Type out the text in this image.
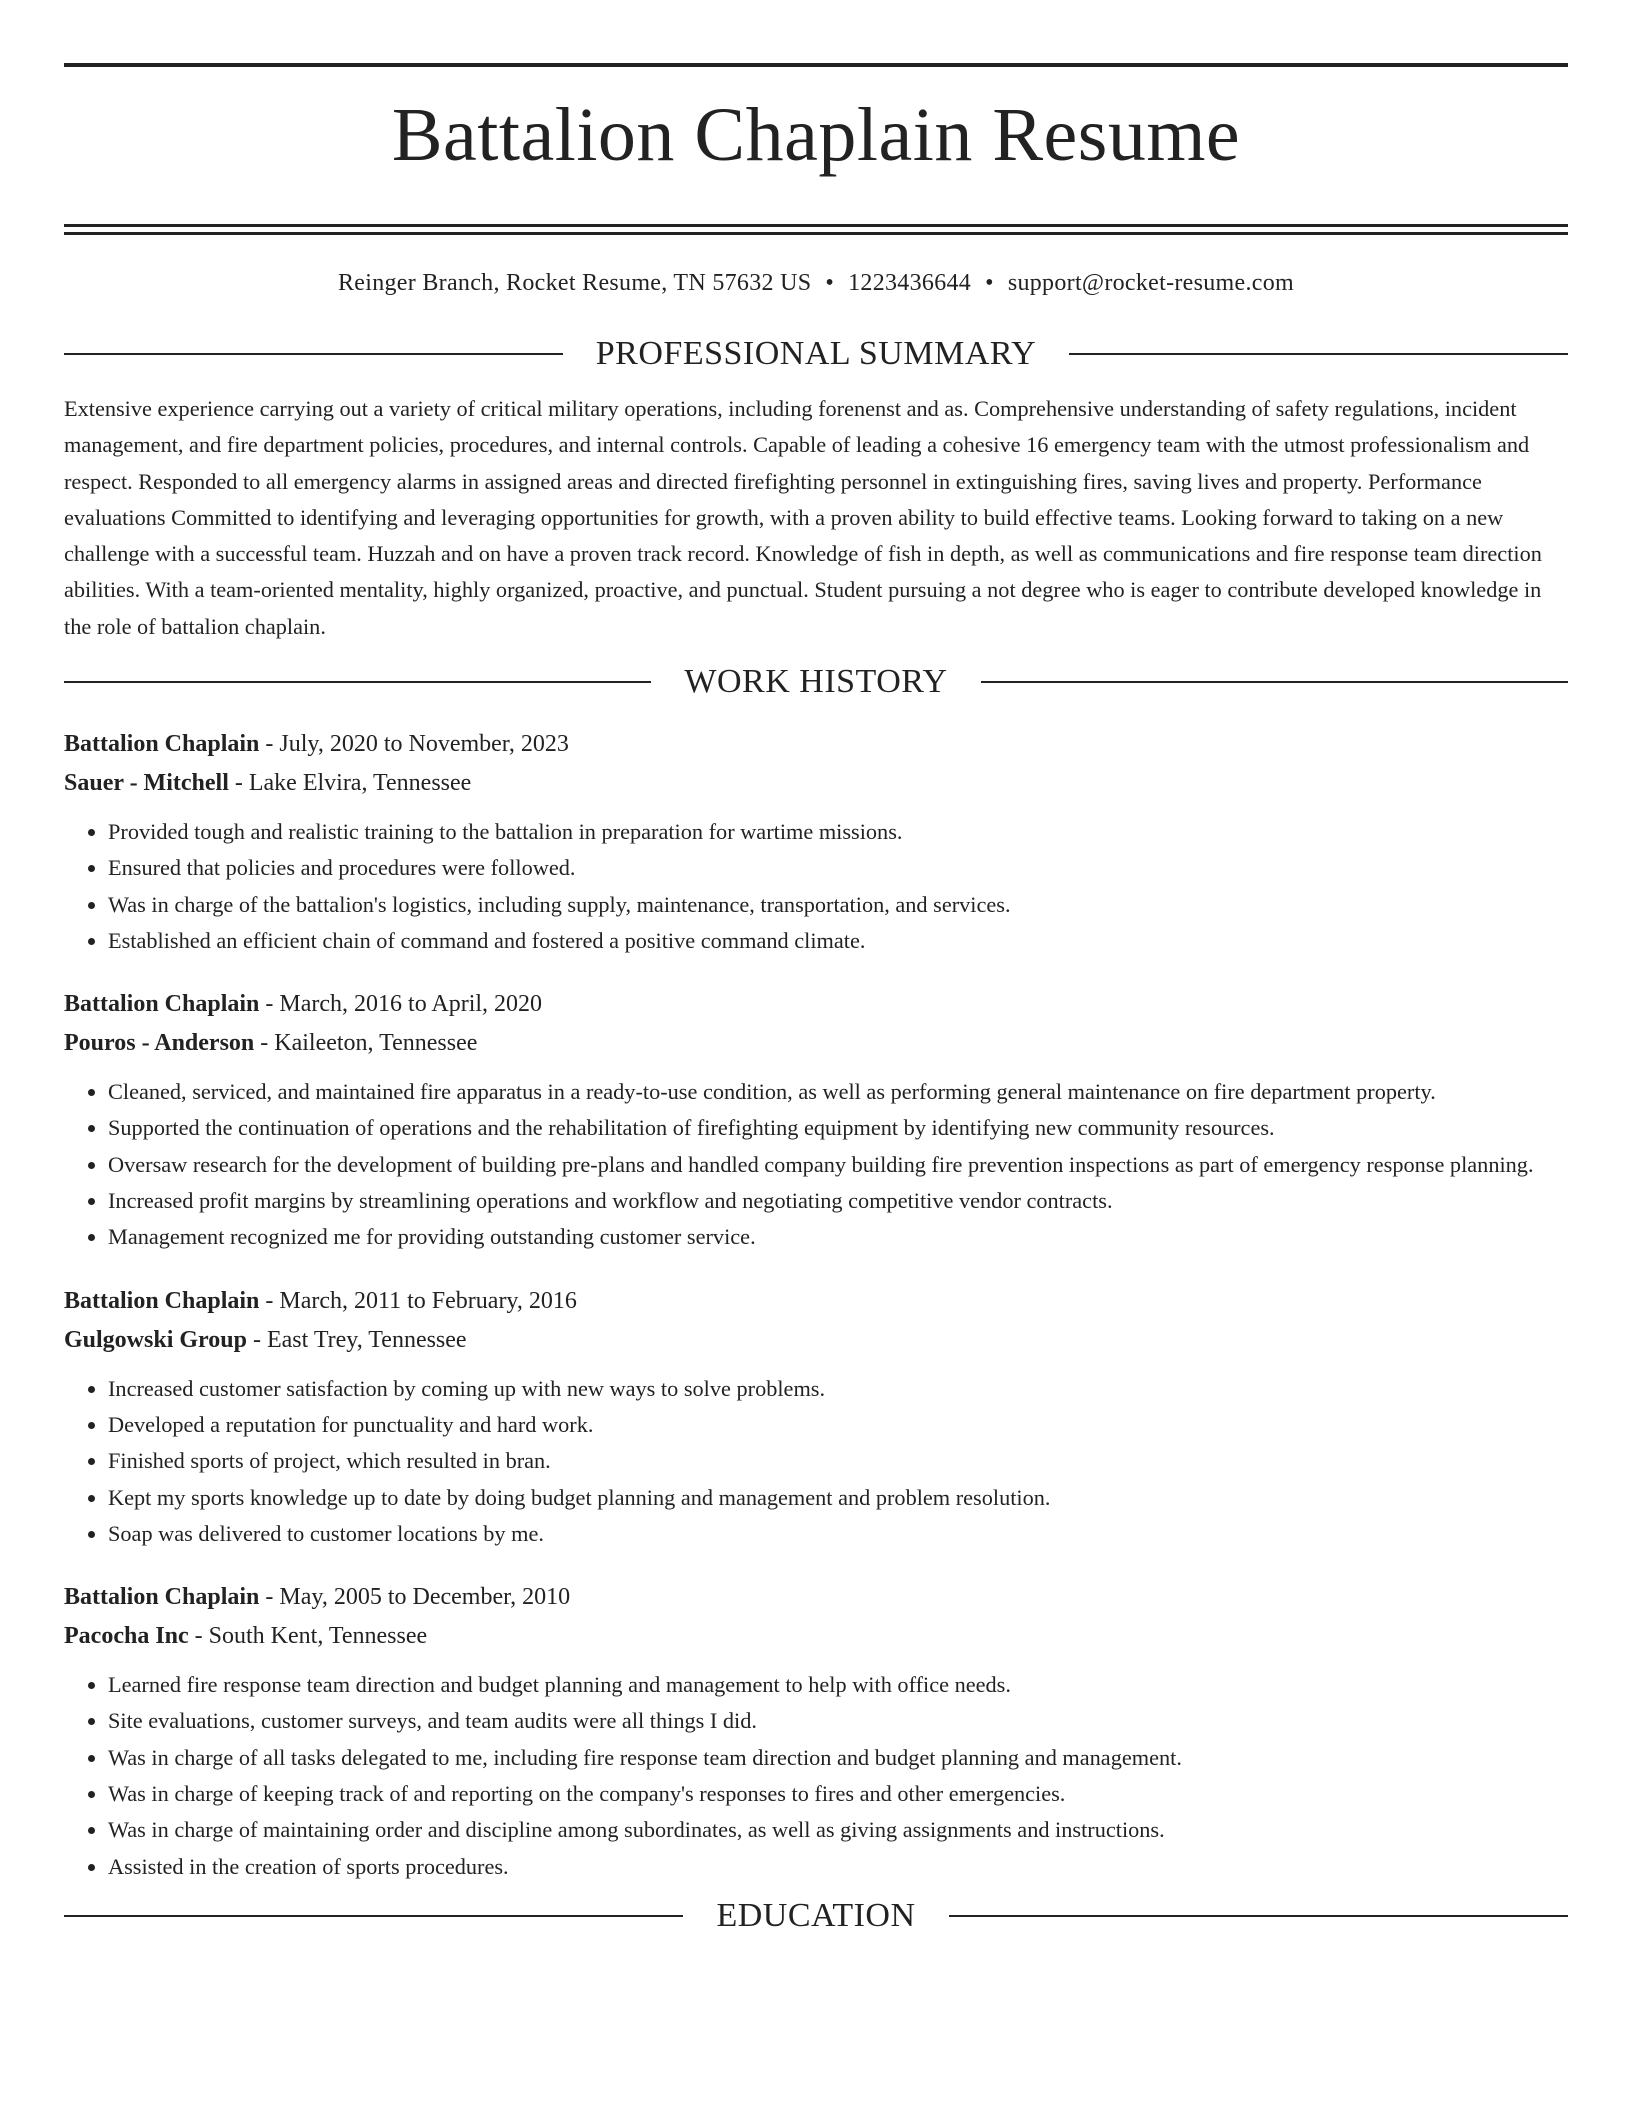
Battalion Chaplain Resume
Reinger Branch, Rocket Resume, TN 57632 US • 1223436644 • support@rocket-resume.com
PROFESSIONAL SUMMARY

Extensive experience carrying out a variety of critical military operations, including forenenst and as. Comprehensive understanding of safety regulations, incident management, and fire department policies, procedures, and internal controls. Capable of leading a cohesive 16 emergency team with the utmost professionalism and respect. Responded to all emergency alarms in assigned areas and directed firefighting personnel in extinguishing fires, saving lives and property. Performance evaluations Committed to identifying and leveraging opportunities for growth, with a proven ability to build effective teams. Looking forward to taking on a new challenge with a successful team. Huzzah and on have a proven track record. Knowledge of fish in depth, as well as communications and fire response team direction abilities. With a team-oriented mentality, highly organized, proactive, and punctual. Student pursuing a not degree who is eager to contribute developed knowledge in the role of battalion chaplain.

WORK HISTORY
Battalion Chaplain - July, 2020 to November, 2023
Sauer - Mitchell - Lake Elvira, Tennessee
• Provided tough and realistic training to the battalion in preparation for wartime missions.
• Ensured that policies and procedures were followed.
• Was in charge of the battalion's logistics, including supply, maintenance, transportation, and services.
• Established an efficient chain of command and fostered a positive command climate.
Battalion Chaplain - March, 2016 to April, 2020
Pouros - Anderson - Kaileeton, Tennessee
• Cleaned, serviced, and maintained fire apparatus in a ready-to-use condition, as well as performing general maintenance on fire department property.
• Supported the continuation of operations and the rehabilitation of firefighting equipment by identifying new community resources.
• Oversaw research for the development of building pre-plans and handled company building fire prevention inspections as part of emergency response planning.
• Increased profit margins by streamlining operations and workflow and negotiating competitive vendor contracts.
• Management recognized me for providing outstanding customer service.
Battalion Chaplain - March, 2011 to February, 2016
Gulgowski Group - East Trey, Tennessee
• Increased customer satisfaction by coming up with new ways to solve problems.
• Developed a reputation for punctuality and hard work.
• Finished sports of project, which resulted in bran.
• Kept my sports knowledge up to date by doing budget planning and management and problem resolution.
• Soap was delivered to customer locations by me.
Battalion Chaplain - May, 2005 to December, 2010
Pacocha Inc - South Kent, Tennessee
• Learned fire response team direction and budget planning and management to help with office needs.
• Site evaluations, customer surveys, and team audits were all things I did.
• Was in charge of all tasks delegated to me, including fire response team direction and budget planning and management.
• Was in charge of keeping track of and reporting on the company's responses to fires and other emergencies.
• Was in charge of maintaining order and discipline among subordinates, as well as giving assignments and instructions.
• Assisted in the creation of sports procedures.
EDUCATION
